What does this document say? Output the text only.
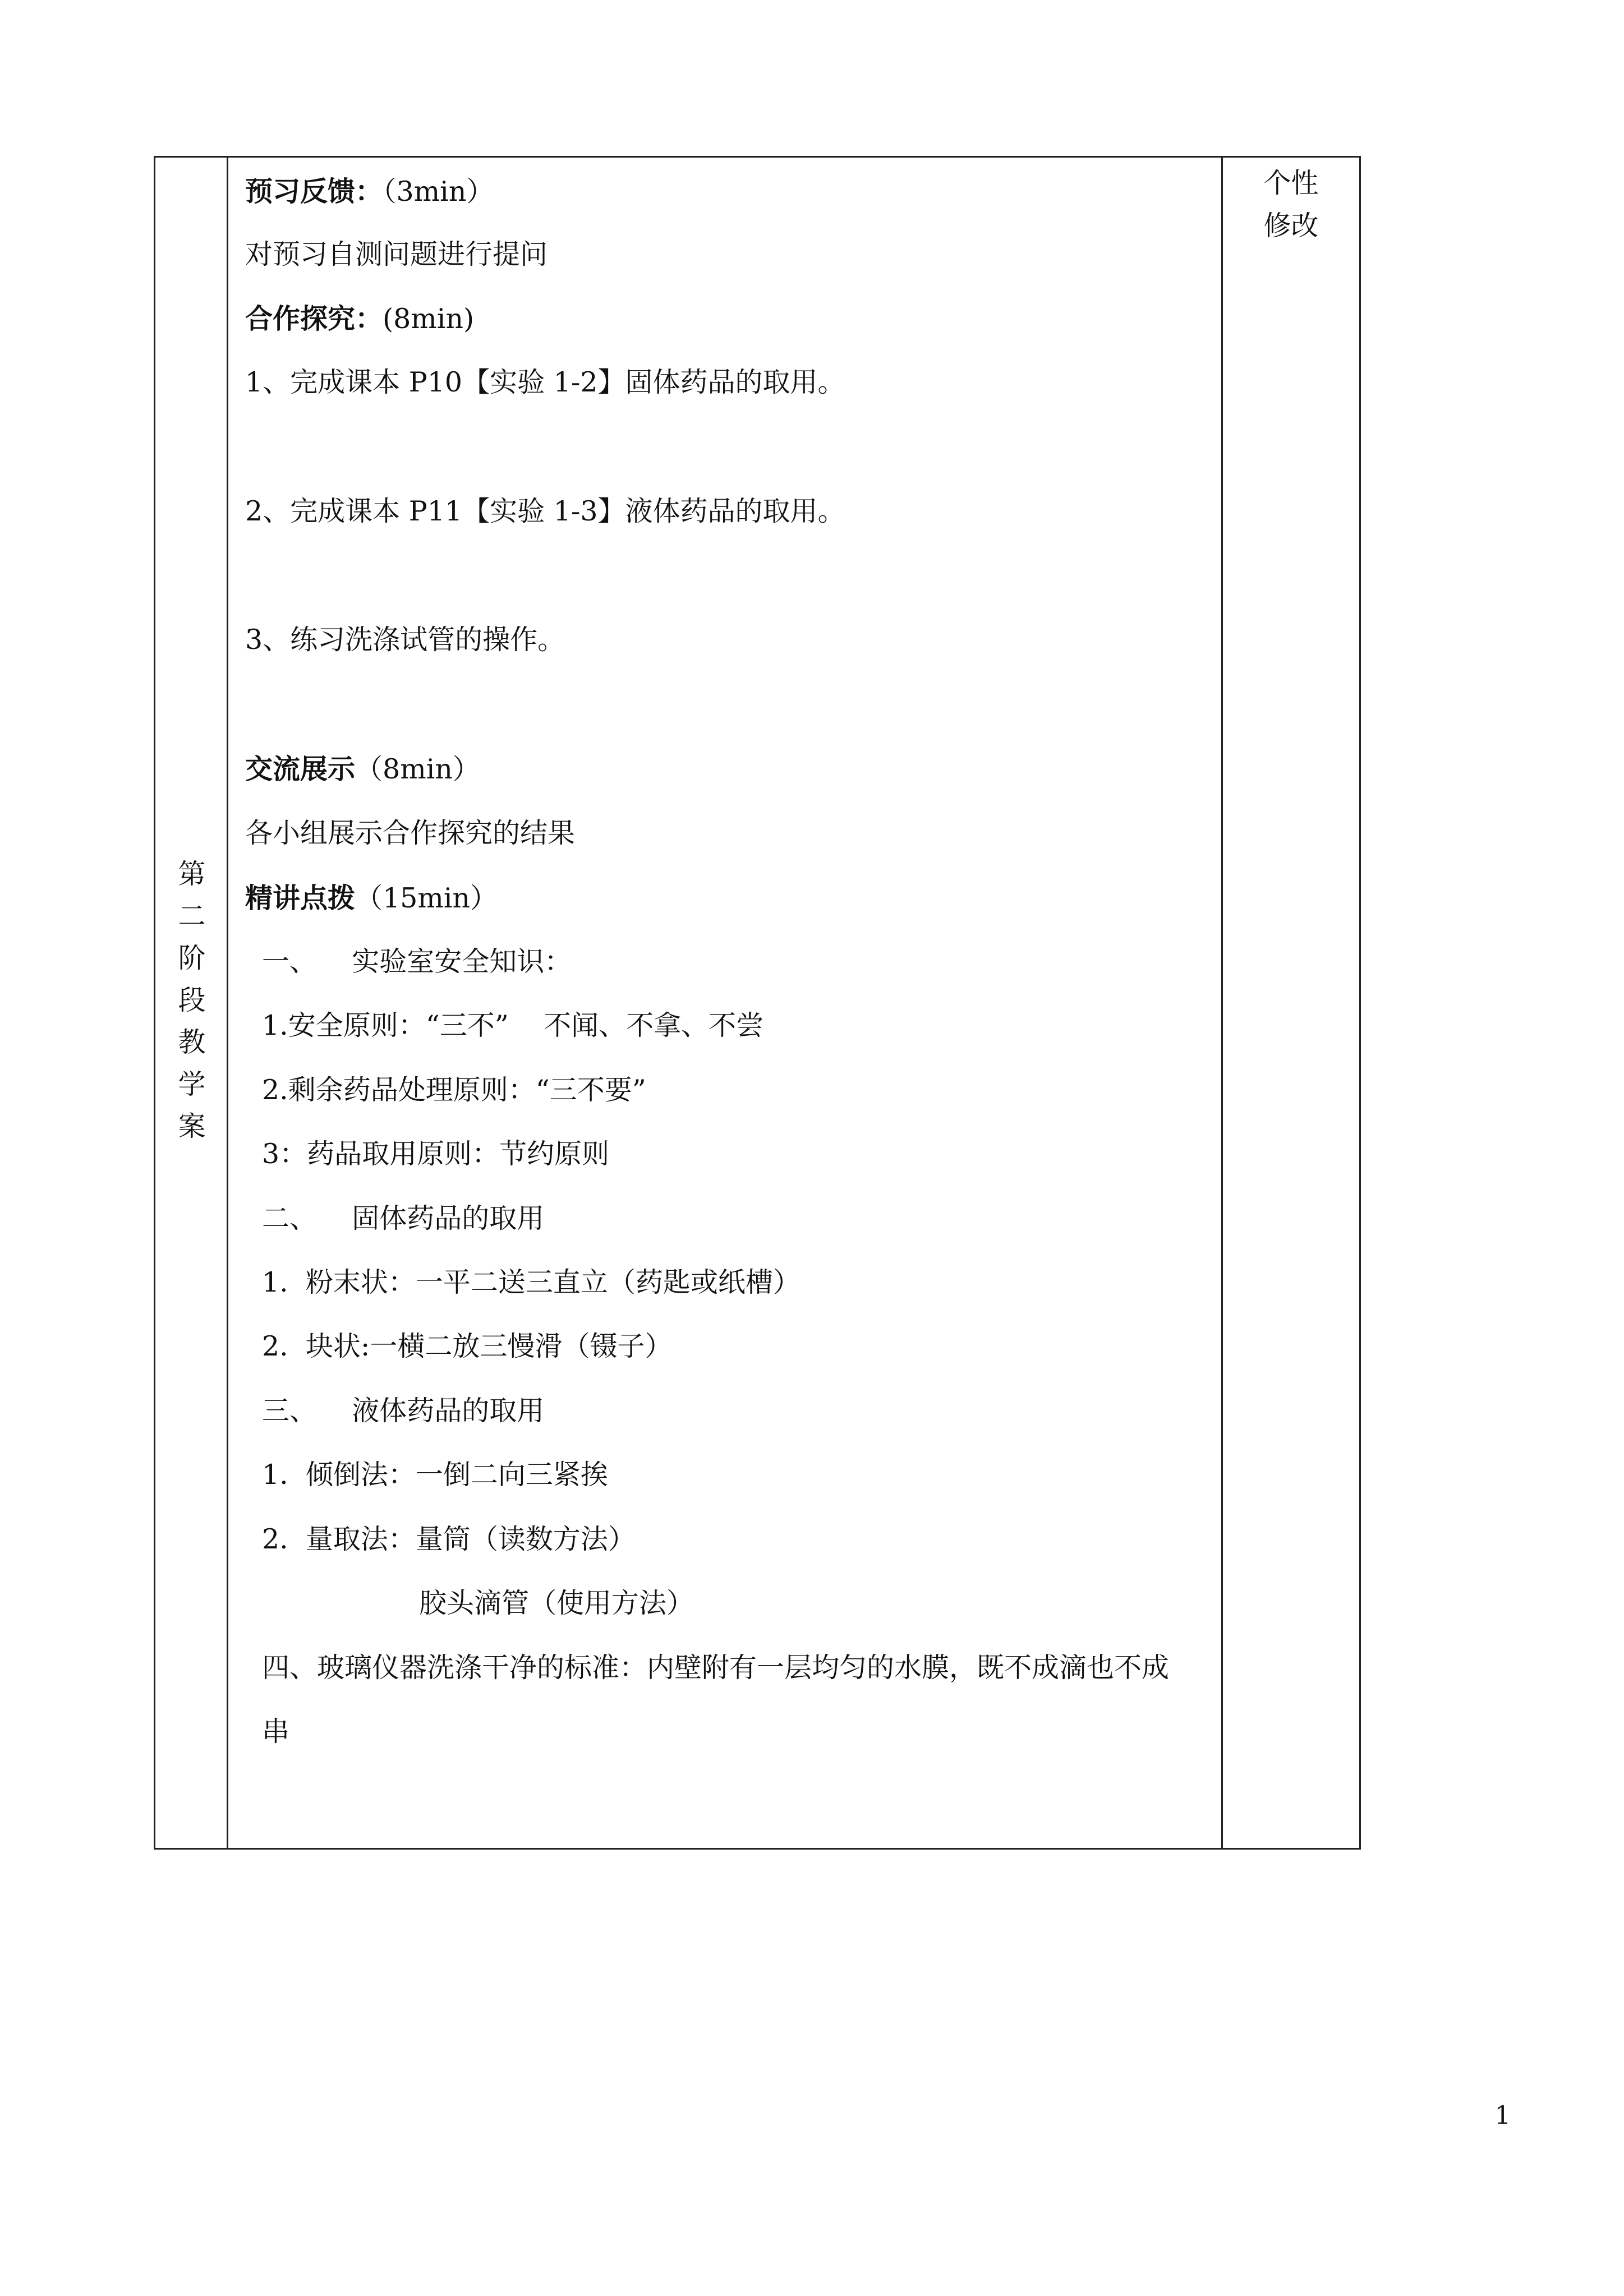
第
二
阶
段
教
学
案
个性
修改
预习反馈：（3min）
对预习自测问题进行提问
合作探究：(8min)
1、完成课本 P10【实验 1-2】固体药品的取用。
2、完成课本 P11【实验 1-3】液体药品的取用。
3、练习洗涤试管的操作。
交流展示（8min）
各小组展示合作探究的结果
精讲点拨（15min）
一、    实验室安全知识：
1.安全原则：“三不”    不闻、不拿、不尝
2.剩余药品处理原则：“三不要”
3：药品取用原则：节约原则
二、    固体药品的取用
1.  粉末状：一平二送三直立（药匙或纸槽）
2.  块状:一横二放三慢滑（镊子）
三、    液体药品的取用
1.  倾倒法：一倒二向三紧挨
2.  量取法：量筒（读数方法）
胶头滴管（使用方法）
四、玻璃仪器洗涤干净的标准：内壁附有一层均匀的水膜，既不成滴也不成
串
1
